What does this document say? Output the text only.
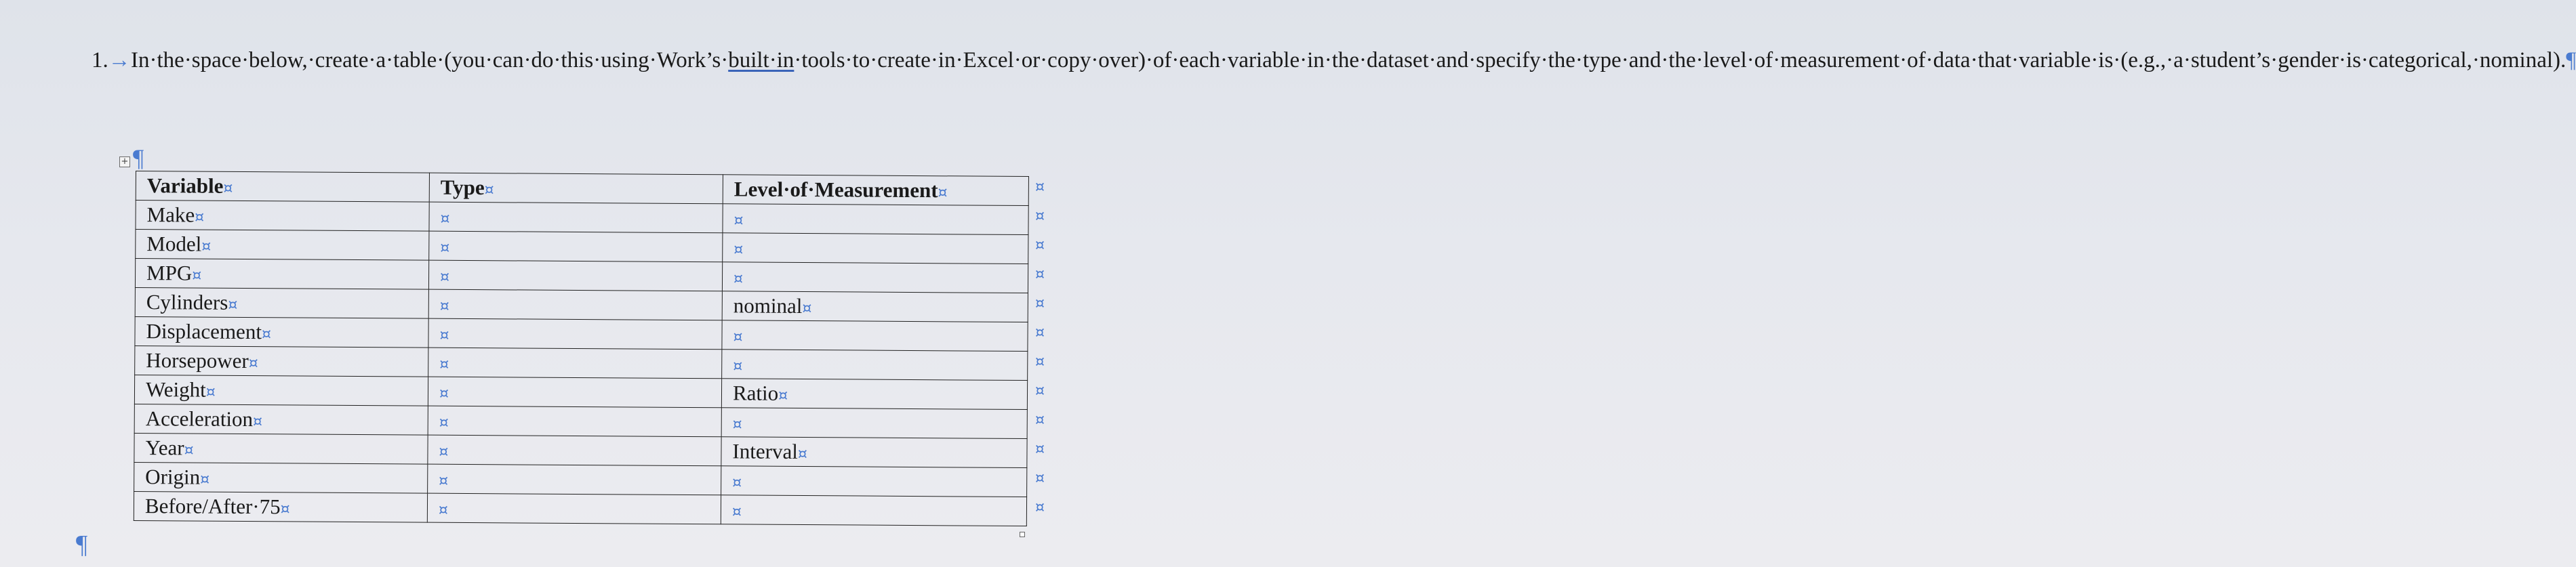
1.→ In·the·space·below,·create·a·table·(you·can·do·this·using·Work’s·built·in·tools·to·create·in·Excel·or·copy·over)·of·each·variable·in·the·dataset·and·specify·the·type·and·the·level·of·measurement·of·data·that·variable·is·(e.g.,·a·student’s·gender·is·categorical,·nominal).¶
+ ¶
Variable¤	Type¤	Level·of·Measurement¤
Make¤	¤	¤
Model¤	¤	¤
MPG¤	¤	¤
Cylinders¤	¤	nominal¤
Displacement¤	¤	¤
Horsepower¤	¤	¤
Weight¤	¤	Ratio¤
Acceleration¤	¤	¤
Year¤	¤	Interval¤
Origin¤	¤	¤
Before/After·75¤	¤	¤
¤
¤
¤
¤
¤
¤
¤
¤
¤
¤
¤
¤
¶
